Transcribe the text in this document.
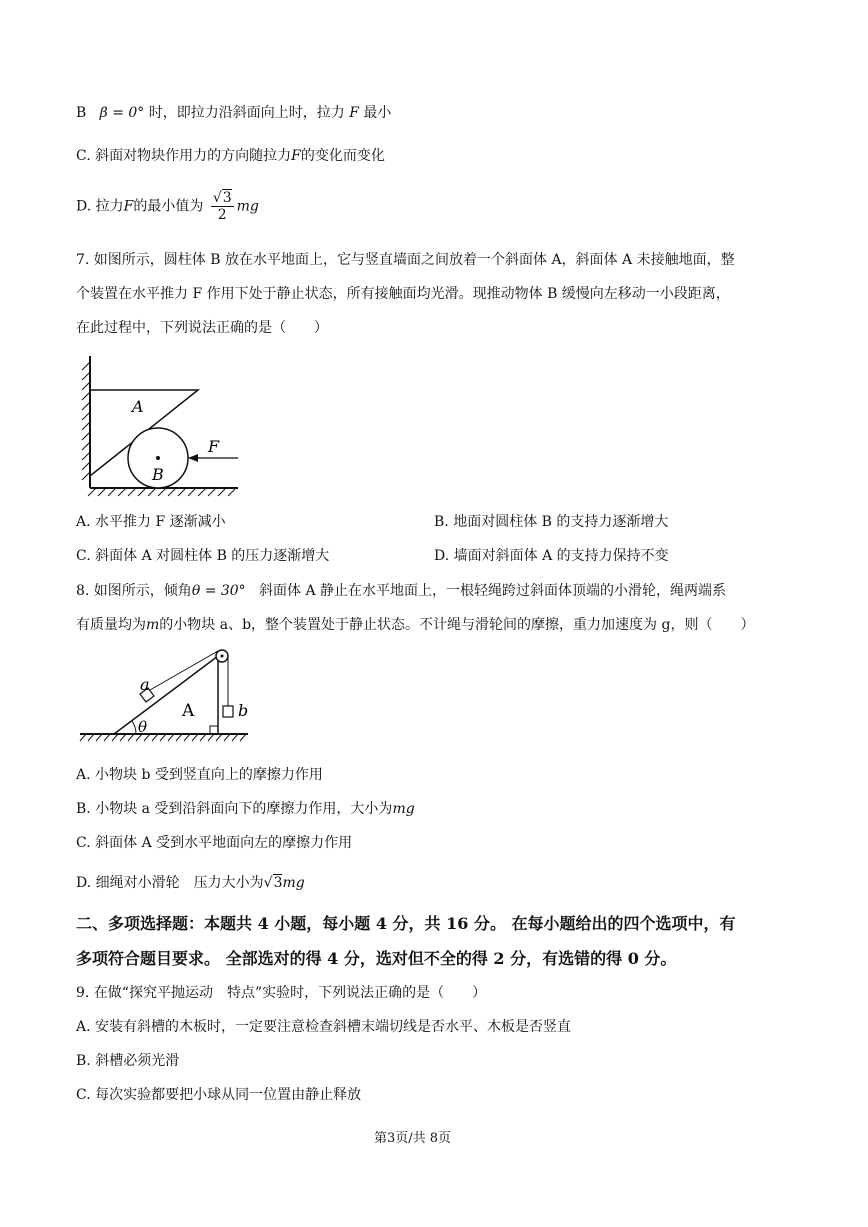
B β = 0° 时，即拉力沿斜面向上时，拉力 F 最小
C. 斜面对物块作用力的方向随拉力F的变化而变化
D. 拉力F的最小值为 $\frac{√3}{2}$ mg
7. 如图所示，圆柱体 B 放在水平地面上，它与竖直墙面之间放着一个斜面体 A，斜面体 A 未接触地面，整
个装置在水平推力 F 作用下处于静止状态，所有接触面均光滑。现推动物体 B 缓慢向左移动一小段距离，
在此过程中，下列说法正确的是（　　）
A
B
F
A. 水平推力 F 逐渐减小	B. 地面对圆柱体 B 的支持力逐渐增大
C. 斜面体 A 对圆柱体 B 的压力逐渐增大	D. 墙面对斜面体 A 的支持力保持不变
8. 如图所示，倾角θ = 30° 斜面体 A 静止在水平地面上，一根轻绳跨过斜面体顶端的小滑轮，绳两端系
有质量均为m的小物块 a、b，整个装置处于静止状态。不计绳与滑轮间的摩擦，重力加速度为 g，则（　　）
a
A	b
θ
A. 小物块 b 受到竖直向上的摩擦力作用
B. 小物块 a 受到沿斜面向下的摩擦力作用，大小为mg
C. 斜面体 A 受到水平地面向左的摩擦力作用
D. 细绳对小滑轮　压力大小为√3mg
二、多项选择题：本题共 4 小题，每小题 4 分，共 16 分。 在每小题给出的四个选项中，有
多项符合题目要求。 全部选对的得 4 分，选对但不全的得 2 分，有选错的得 0 分。
9. 在做“探究平抛运动　特点”实验时，下列说法正确的是（　　）
A. 安装有斜槽的木板时，一定要注意检查斜槽末端切线是否水平、木板是否竖直
B. 斜槽必须光滑
C. 每次实验都要把小球从同一位置由静止释放
第3页/共 8页
